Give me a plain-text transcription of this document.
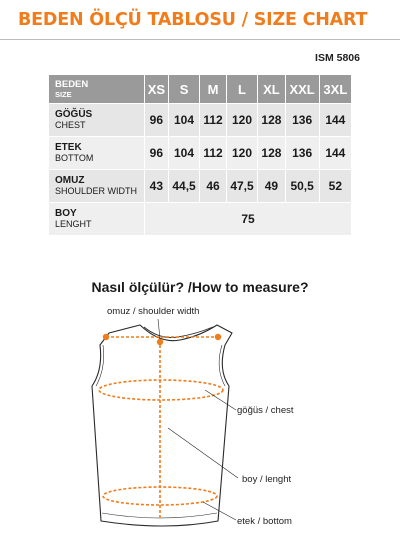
BEDEN ÖLÇÜ TABLOSU / SIZE CHART
ISM 5806
BEDEN
SIZE	XS	S	M	L	XL	XXL	3XL

GÖĞÜS
CHEST	96	104	112	120	128	136	144

ETEK
BOTTOM	96	104	112	120	128	136	144

OMUZ
SHOULDER WIDTH	43	44,5	46	47,5	49	50,5	52

BOY
LENGHT	75						
Nasıl ölçülür? /How to measure?
omuz / shoulder width
göğüs / chest
boy / lenght
etek / bottom
